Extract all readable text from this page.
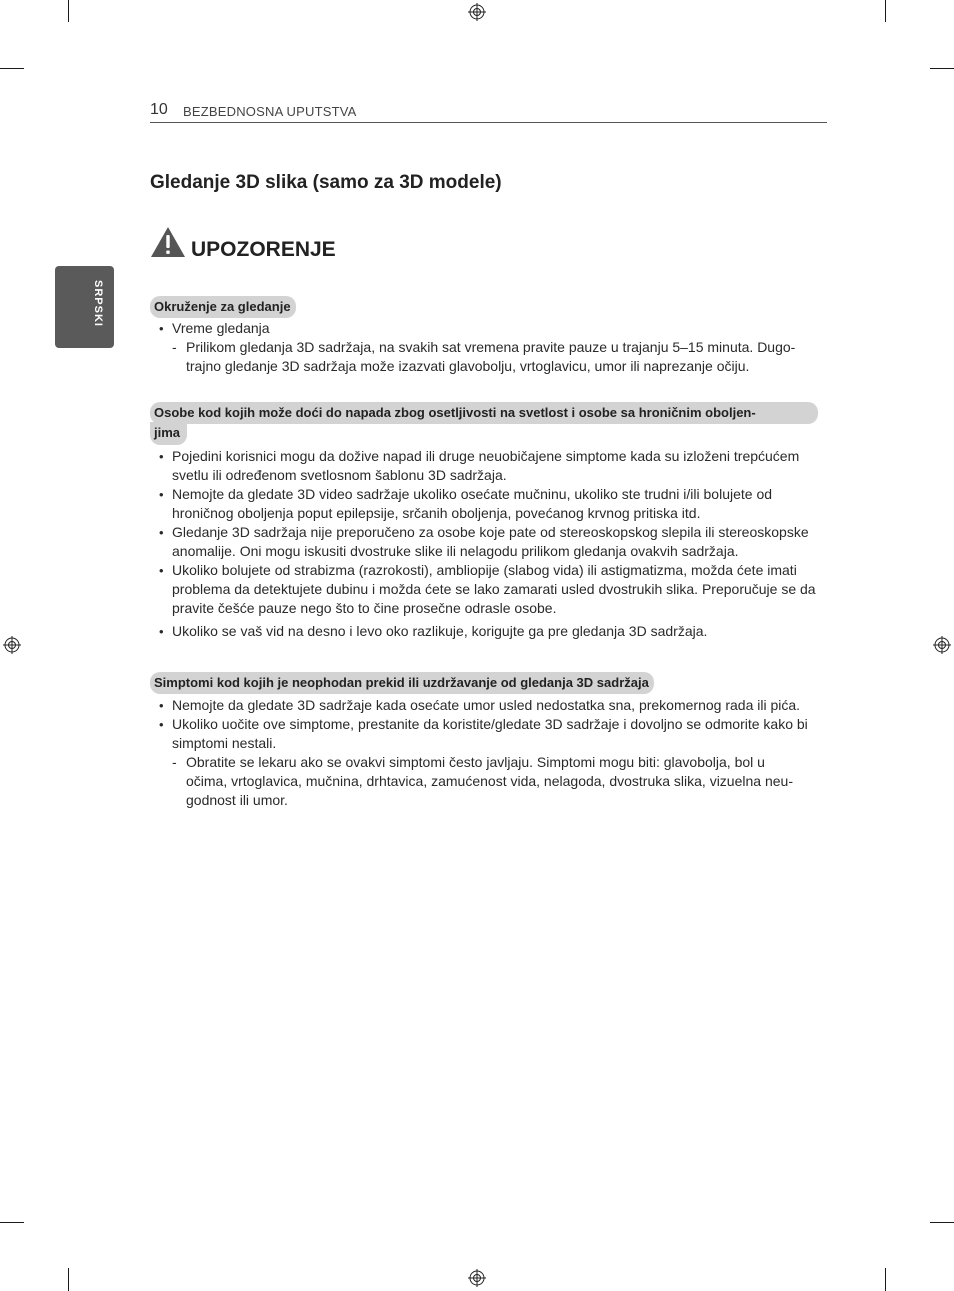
10 BEZBEDNOSNA UPUTSTVA
SRPSKI
Gledanje 3D slika (samo za 3D modele)
UPOZORENJE
Okruženje za gledanje
• Vreme gledanja
- Prilikom gledanja 3D sadržaja, na svakih sat vremena pravite pauze u trajanju 5–15 minuta. Dugo-
trajno gledanje 3D sadržaja može izazvati glavobolju, vrtoglavicu, umor ili naprezanje očiju.
Osobe kod kojih može doći do napada zbog osetljivosti na svetlost i osobe sa hroničnim oboljen-
jima
• Pojedini korisnici mogu da dožive napad ili druge neuobičajene simptome kada su izloženi trepćućem
svetlu ili određenom svetlosnom šablonu 3D sadržaja.
• Nemojte da gledate 3D video sadržaje ukoliko osećate mučninu, ukoliko ste trudni i/ili bolujete od
hroničnog oboljenja poput epilepsije, srčanih oboljenja, povećanog krvnog pritiska itd.
• Gledanje 3D sadržaja nije preporučeno za osobe koje pate od stereoskopskog slepila ili stereoskopske
anomalije. Oni mogu iskusiti dvostruke slike ili nelagodu prilikom gledanja ovakvih sadržaja.
• Ukoliko bolujete od strabizma (razrokosti), ambliopije (slabog vida) ili astigmatizma, možda ćete imati
problema da detektujete dubinu i možda ćete se lako zamarati usled dvostrukih slika. Preporučuje se da
pravite češće pauze nego što to čine prosečne odrasle osobe.
• Ukoliko se vaš vid na desno i levo oko razlikuje, korigujte ga pre gledanja 3D sadržaja.
Simptomi kod kojih je neophodan prekid ili uzdržavanje od gledanja 3D sadržaja
• Nemojte da gledate 3D sadržaje kada osećate umor usled nedostatka sna, prekomernog rada ili pića.
• Ukoliko uočite ove simptome, prestanite da koristite/gledate 3D sadržaje i dovoljno se odmorite kako bi
simptomi nestali.
- Obratite se lekaru ako se ovakvi simptomi često javljaju. Simptomi mogu biti: glavobolja, bol u
očima, vrtoglavica, mučnina, drhtavica, zamućenost vida, nelagoda, dvostruka slika, vizuelna neu-
godnost ili umor.
